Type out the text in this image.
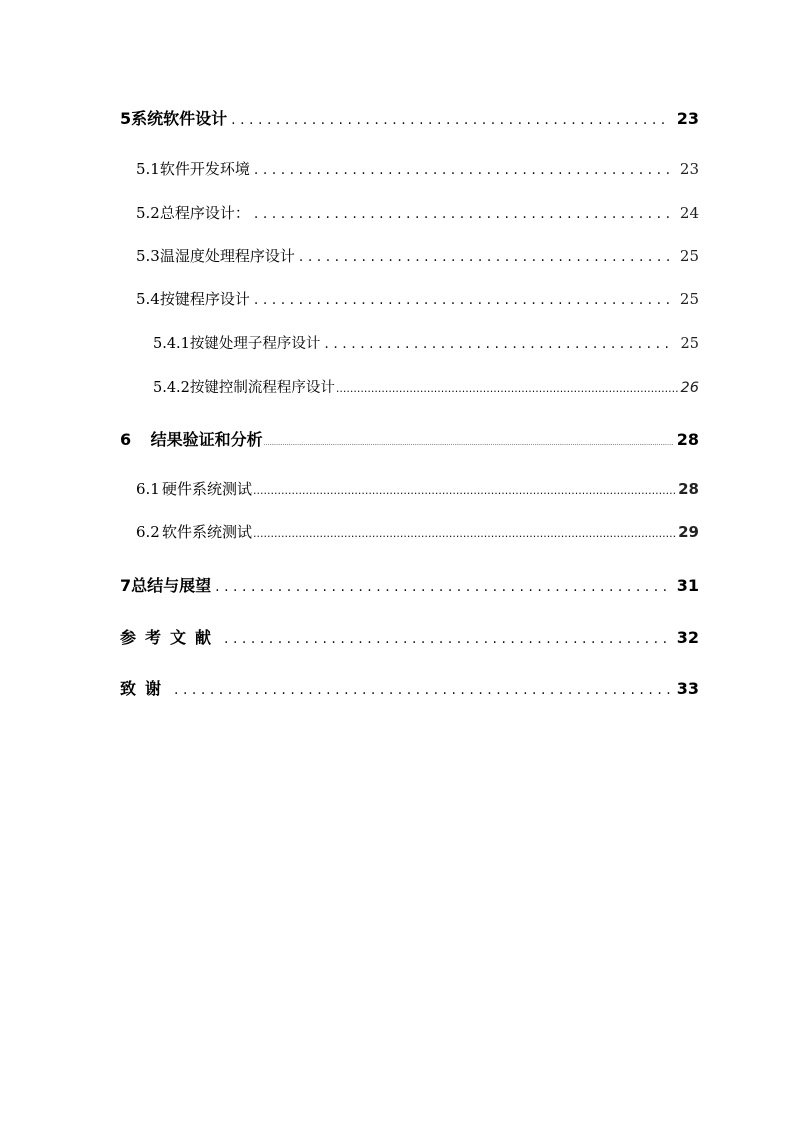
5 系统软件设计 .....	23
5.1 软件开发环境 .....	23
5.2 总程序设计： .....	24
5.3 温湿度处理程序设计 .....	25
5.4 按键程序设计 .....	25
5.4.1 按键处理子程序设计 .....	25
5.4.2 按键控制流程程序设计 .....	26
6	结果验证和分析 .....	28
6.1 硬件系统测试 .....	28
6.2 软件系统测试 .....	29
7 总结与展望 .....	31
参考文献 .....	32
致谢 .....	33
